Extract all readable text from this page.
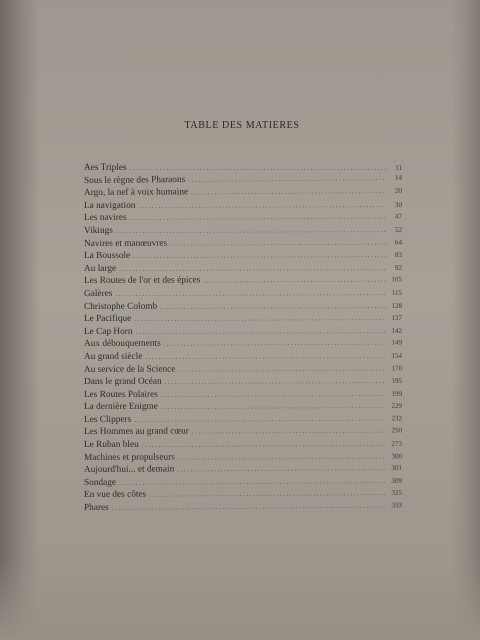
TABLE DES MATIERES
Aes Triples .....	11
Sous le règne des Pharaons .....	14
Argo, la nef à voix humaine .....	20
La navigation .....	30
Les navires .....	47
Vikings .....	52
Navires et manœuvres .....	64
La Boussole .....	83
Au large .....	92
Les Routes de l'or et des épices .....	105
Galères .....	115
Christophe Colomb .....	128
Le Pacifique .....	137
Le Cap Horn .....	142
Aux débouquements .....	149
Au grand siècle .....	154
Au service de la Science .....	170
Dans le grand Océan .....	195
Les Routes Polaires .....	199
La dernière Enigme .....	229
Les Clippers .....	232
Les Hommes au grand cœur .....	250
Le Ruban bleu .....	273
Machines et propulseurs .....	300
Aujourd'hui... et demain .....	301
Sondage .....	309
En vue des côtes .....	325
Phares .....	333
